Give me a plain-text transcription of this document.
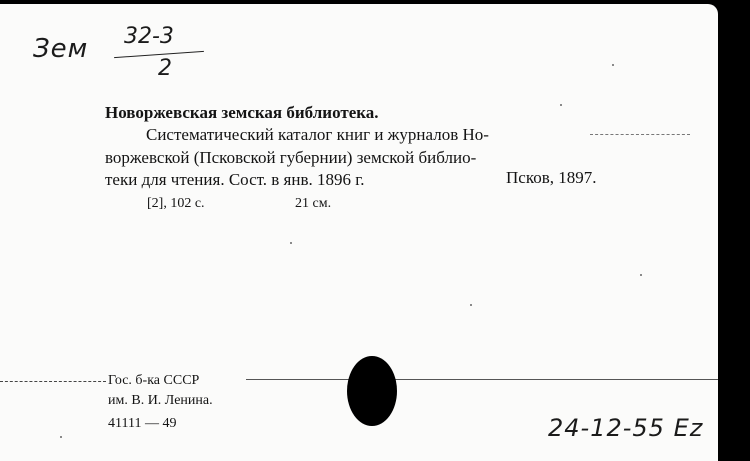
Зем 32-3
2
Новоржевская земская библиотека.
Систематический каталог книг и журналов Но-
воржевской (Псковской губернии) земской библио-
теки для чтения. Сост. в янв. 1896 г.	Псков, 1897.
[2], 102 с.	21 см.
Гос. б-ка СССР
им. В. И. Ленина.
41111 — 49	24-12-55 Ez
